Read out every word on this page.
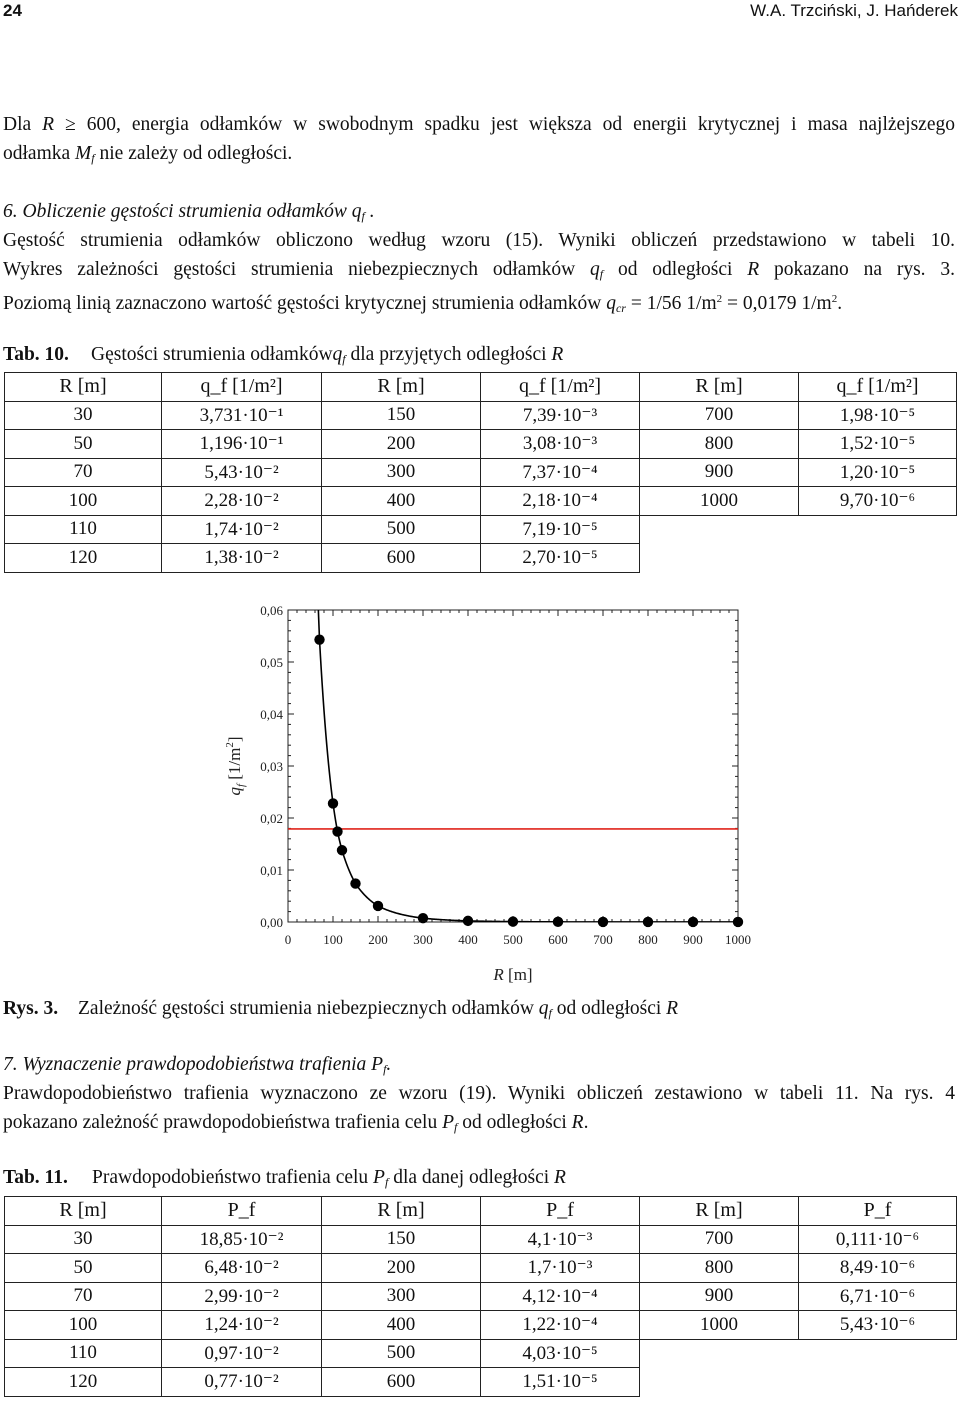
24	W.A. Trzciński, J. Hańderek
Dla R ≥ 600, energia odłamków w swobodnym spadku jest większa od energii krytycznej i masa najlżejszego
odłamka $M_f$ nie zależy od odległości.
6. Obliczenie gęstości strumienia odłamków $q_f$ .
Gęstość strumienia odłamków obliczono według wzoru (15). Wyniki obliczeń przedstawiono w tabeli 10.
Wykres zależności gęstości strumienia niebezpiecznych odłamków $q_f$ od odległości R pokazano na rys. 3.
Poziomą linią zaznaczono wartość gęstości krytycznej strumienia odłamków $q_{cr} = 1/56$ $1/m^2 = 0,0179$ $1/m^2$.
Tab. 10. Gęstości strumienia odłamkówq$_f$ dla przyjętych odległości R
R [m]	q_f [1/m²]	R [m]	q_f [1/m²]	R [m]	q_f [1/m²]
30	3,731·10⁻¹	150	7,39·10⁻³	700	1,98·10⁻⁵
50	1,196·10⁻¹	200	3,08·10⁻³	800	1,52·10⁻⁵
70	5,43·10⁻²	300	7,37·10⁻⁴	900	1,20·10⁻⁵
100	2,28·10⁻²	400	2,18·10⁻⁴	1000	9,70·10⁻⁶
110	1,74·10⁻²	500	7,19·10⁻⁵		
120	1,38·10⁻²	600	2,70·10⁻⁵		
0,00
0,01
0,02
0,03
0,04
0,05
0,06
0 100 200 300 400 500 600 700 800 900 1000
R [m]
$q_f$ $[1/m^2]$
Rys. 3. Zależność gęstości strumienia niebezpiecznych odłamków $q_f$ od odległości R
7. Wyznaczenie prawdopodobieństwa trafienia $P_f$.
Prawdopodobieństwo trafienia wyznaczono ze wzoru (19). Wyniki obliczeń zestawiono w tabeli 11. Na rys. 4
pokazano zależność prawdopodobieństwa trafienia celu $P_f$ od odległości R.
Tab. 11. Prawdopodobieństwo trafienia celu $P_f$ dla danej odległości R
R [m]	P_f	R [m]	P_f	R [m]	P_f
30	18,85·10⁻²	150	4,1·10⁻³	700	0,111·10⁻⁶
50	6,48·10⁻²	200	1,7·10⁻³	800	8,49·10⁻⁶
70	2,99·10⁻²	300	4,12·10⁻⁴	900	6,71·10⁻⁶
100	1,24·10⁻²	400	1,22·10⁻⁴	1000	5,43·10⁻⁶
110	0,97·10⁻²	500	4,03·10⁻⁵		
120	0,77·10⁻²	600	1,51·10⁻⁵		
